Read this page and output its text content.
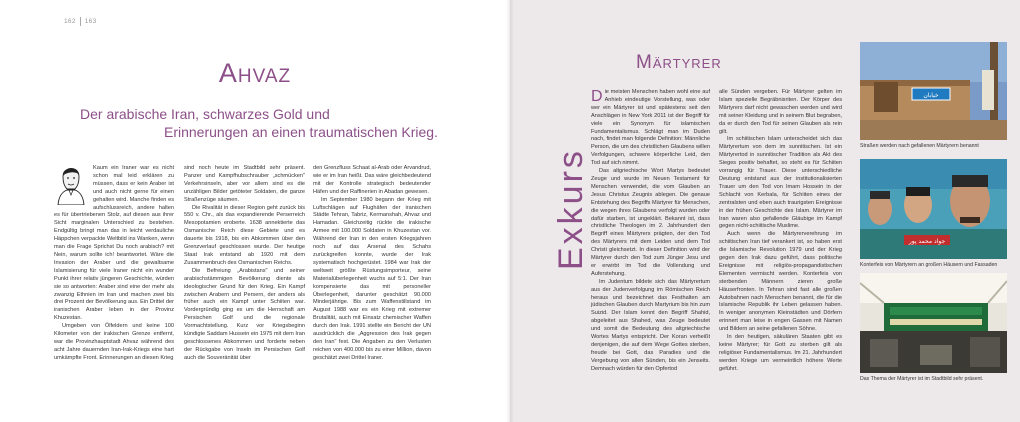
162 163
Ahvaz
Der arabische Iran, schwarzes Gold und
Erinnerungen an einen traumatischen Krieg.

Kaum ein Iraner war es nicht schon mal leid erklären zu müssen, dass er kein Araber ist und auch nicht gerne für einen gehalten wird. Manche finden es aufschlussreich, andere halten es für übertriebenen Stolz, auf diesen aus ihrer Sicht marginalen Unterschied zu bestehen. Endgültig bringt man das in leicht verdauliche Häppchen verpackte Weltbild ins Wanken, wenn man die Frage Sprichst Du noch arabisch? mit Nein, warum sollte ich! beantwortet. Wäre die Invasion der Araber und die gewaltsame Islamisierung für viele Iraner nicht ein wunder Punkt ihrer relativ jüngeren Geschichte, würden sie so antworten: Araber sind eine der mehr als zwanzig Ethnien im Iran und machen zwei bis drei Prozent der Bevölkerung aus. Ein Drittel der iranischen Araber leben in der Provinz Khuzestan.

Umgeben von Ölfeldern und keine 100 Kilometer von der irakischen Grenze entfernt, war die Provinzhauptstadt Ahvaz während des acht Jahre dauernden Iran-Irak-Kriegs eine hart umkämpfte Front. Erinnerungen an diesen Krieg

sind noch heute im Stadtbild sehr präsent. Panzer und Kampfhubschrauber „schmücken" Verkehrsinseln, aber vor allem sind es die unzähligen Bilder getöteter Soldaten, die ganze Straßenzüge säumen.

Die Rivalität in dieser Region geht zurück bis 550 v. Chr., als das expandierende Perserreich Mesopotamien eroberte. 1638 annektierte das Osmanische Reich diese Gebiete und es dauerte bis 1918, bis ein Abkommen über den Grenzverlauf geschlossen wurde. Der heutige Staat Irak entstand ab 1920 mit dem Zusammenbruch des Osmanischen Reichs.

Die Befreiung „Arabistans" und seiner arabischstämmigen Bevölkerung diente als ideologischer Grund für den Krieg. Ein Kampf zwischen Arabern und Persern, der anders als früher auch ein Kampf unter Schiiten war. Vordergründig ging es um die Herrschaft am Persischen Golf und die regionale Vormachtstellung. Kurz vor Kriegsbeginn kündigte Saddam Hussein ein 1975 mit dem Iran geschlossenes Abkommen und forderte neben der Rückgabe von Inseln im Persischen Golf auch die Souveränität über

den Grenzfluss Schaat al-Arab oder Arvandrud, wie er im Iran heißt. Das wäre gleichbedeutend mit der Kontrolle strategisch bedeutender Häfen und der Raffinerien in Abadan gewesen.

Im September 1980 begann der Krieg mit Luftschlägen auf Flughäfen der iranischen Städte Tehran, Tabriz, Kermanshah, Ahvaz und Hamadan. Gleichzeitig rückte die irakische Armee mit 100.000 Soldaten in Khuzestan vor. Während der Iran in den ersten Kriegsjahren noch auf das Arsenal des Schahs zurückgreifen konnte, wurde der Irak systematisch hochgerüstet. 1984 war Irak der weltweit größte Rüstungsimporteur, seine Materialüberlegenheit wuchs auf 5:1. Der Iran kompensierte das mit personeller Überlegenheit, darunter geschätzt 90.000 Minderjährige. Bis zum Waffenstillstand im August 1988 war es ein Krieg mit extremer Brutalität, auch mit Einsatz chemischer Waffen durch den Irak. 1991 stellte ein Bericht der UN ausdrücklich die „Aggression des Irak gegen den Iran" fest. Die Angaben zu den Verlusten reichen von 400.000 bis zu einer Million, davon geschätzt zwei Drittel Iraner.

Märtyrer
Exkurs
D ie meisten Menschen haben wohl eine auf Anhieb eindeutige Vorstellung, was oder wer ein Märtyrer ist und spätestens seit den Anschlägen in New York 2011 ist der Begriff für viele ein Synonym für islamischen Fundamentalismus. Schlägt man im Duden nach, findet man folgende Definition: Männliche Person, die um des christlichen Glaubens willen Verfolgungen, schwere körperliche Leid, den Tod auf sich nimmt.

Das altgriechische Wort Martys bedeutet Zeuge und wurde im Neuen Testament für Menschen verwendet, die vom Glauben an Jesus Christus Zeugnis ablegen. Die genaue Entstehung des Begriffs Märtyrer für Menschen, die wegen ihres Glaubens verfolgt wurden oder dafür starben, ist ungeklärt. Bekannt ist, dass christliche Theologen im 2. Jahrhundert den Begriff eines Märtyrers prägten, der den Tod des Märtyrers mit dem Leiden und dem Tod Christi gleichsetzt. In dieser Definition wird der Märtyrer durch den Tod zum Jünger Jesu und er erwirbt im Tod die Vollendung und Auferstehung.

Im Judentum bildete sich das Märtyrertum aus der Judenverfolgung im Römischen Reich heraus und bezeichnet das Festhalten am jüdischen Glauben durch Martyrium bis hin zum Suizid. Der Islam kennt den Begriff Shahid, abgeleitet aus Shahed, was Zeuge bedeutet und somit die Bedeutung des altgriechische Wortes Martys entspricht. Der Koran verheißt denjenigen, die auf dem Wege Gottes sterben, freude bei Gott, das Paradies und die Vergebung von allen Sünden, bis ein Jenseits. Demnach würden für den Opfertod

alle Sünden vergeben. Für Märtyrer gelten im Islam spezielle Begräbnisriten. Der Körper des Märtyrers darf nicht gewaschen werden und wird mit seiner Kleidung und in seinem Blut begraben, da er durch den Tod für seinen Glauben als rein gilt.

Im schiitischen Islam unterscheidet sich das Märtyrertum von dem im sunnitischen. Ist ein Märtyrertod in sunnitischer Tradition als Akt des Sieges positiv behaftet, so steht es für Schiiten vorrangig für Trauer. Diese unterschiedliche Deutung entstand aus der institutionalisierten Trauer um den Tod von Imam Hossein in der Schlacht von Kerbala, für Schiiten eines der zentralsten und eben auch traurigsten Ereignisse in der frühen Geschichte des Islam. Märtyrer im Iran waren also gefallende Gläubige im Kampf gegen nicht-schiitische Muslime.

Auch wenn die Märtyrerverehrung im schiitischen Iran tief verankert ist, so haben erst die Islamische Revolution 1979 und der Krieg gegen den Irak dazu geführt, dass politische Ereignisse mit religiös-propagandistischen Elementen vermischt werden. Konterfeis von sterbenden Männern zieren große Häuserfronten. In Tehran sind fast alle großen Autobahnen nach Menschen benannt, die für die Islamische Republik ihr Leben gelassen haben. In weniger anonymen Kleinstädten und Dörfern erinnert man leise in engen Gassen mit Namen und Bildern an seine gefallenen Söhne.

In den heutigen, säkulären Staaten gibt es keine Märtyrer; für Gott zu sterben gilt als religiöser Fundamentalismus. Im 21. Jahrhundert werden Kriege um vermeintlich höhere Werte geführt.

خیابان
Straßen werden nach gefallenen Märtyrern benannt
جواد محمد پور
Konterfeis von Märtyrern an großen Häusern und Fassaden
Das Thema der Märtyrer ist im Stadtbild sehr präsent.
